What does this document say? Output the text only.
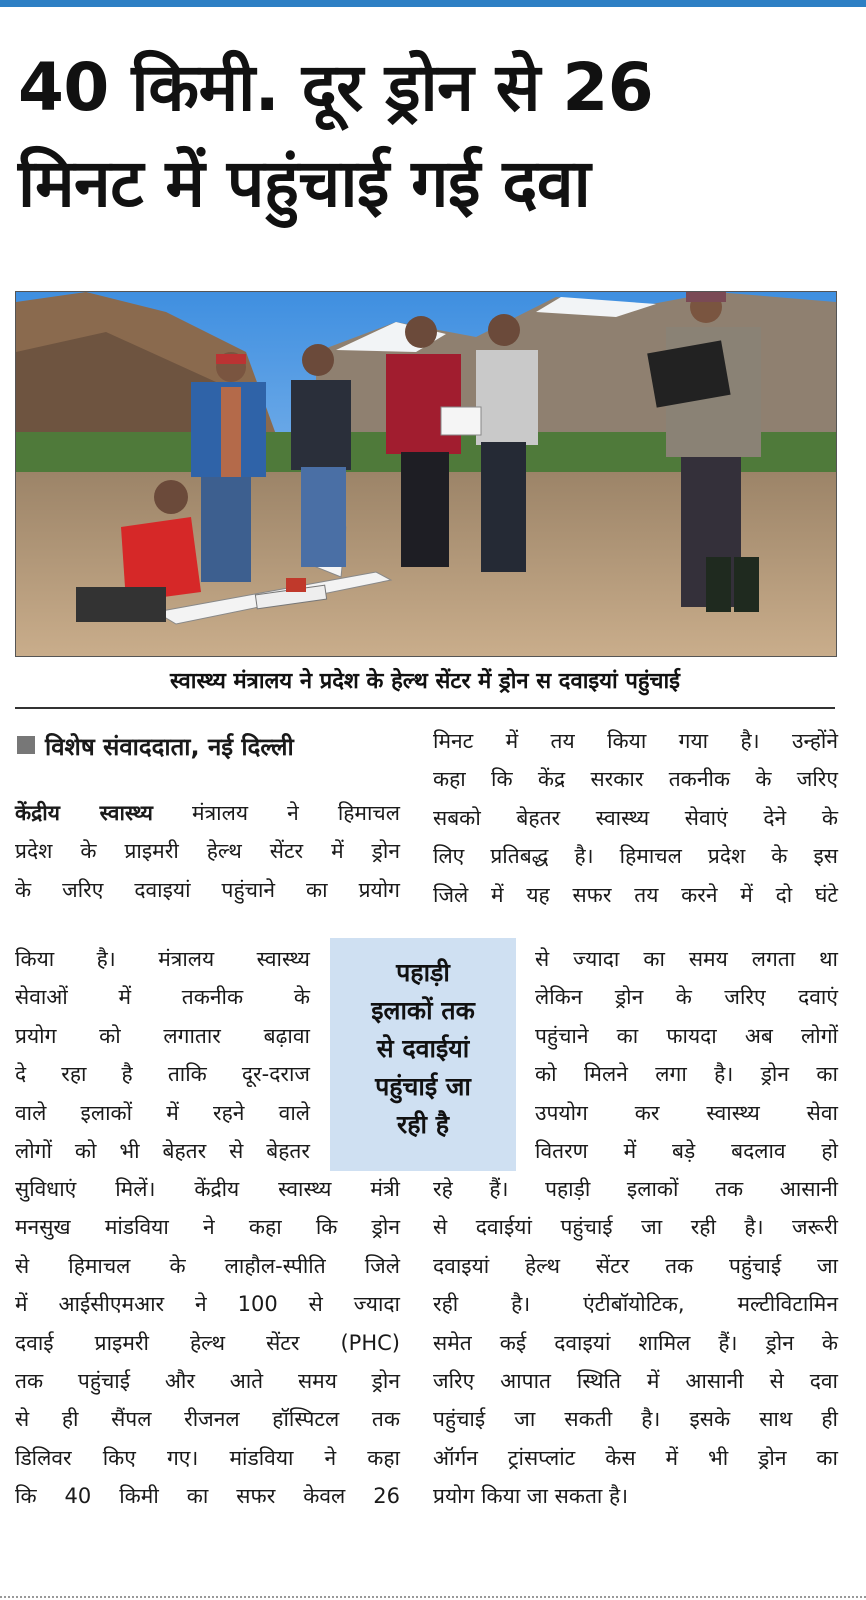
40 किमी. दूर ड्रोन से 26
मिनट में पहुंचाई गई दवा
स्वास्थ्य मंत्रालय ने प्रदेश के हेल्थ सेंटर में ड्रोन स दवाइयां पहुंचाई
विशेष संवाददाता, नई दिल्ली
केंद्रीय स्वास्थ्य मंत्रालय ने हिमाचल
प्रदेश के प्राइमरी हेल्थ सेंटर में ड्रोन
के जरिए दवाइयां पहुंचाने का प्रयोग
किया है। मंत्रालय स्वास्थ्य
सेवाओं में तकनीक के
प्रयोग को लगातार बढ़ावा
दे रहा है ताकि दूर-दराज
वाले इलाकों में रहने वाले
लोगों को भी बेहतर से बेहतर
सुविधाएं मिलें। केंद्रीय स्वास्थ्य मंत्री
मनसुख मांडविया ने कहा कि ड्रोन
से हिमाचल के लाहौल-स्पीति जिले
में आईसीएमआर ने 100 से ज्यादा
दवाई प्राइमरी हेल्थ सेंटर (PHC)
तक पहुंचाई और आते समय ड्रोन
से ही सैंपल रीजनल हॉस्पिटल तक
डिलिवर किए गए। मांडविया ने कहा
कि 40 किमी का सफर केवल 26
पहाड़ी
इलाकों तक
से दवाईयां
पहुंचाई जा
रही है
मिनट में तय किया गया है। उन्होंने
कहा कि केंद्र सरकार तकनीक के जरिए
सबको बेहतर स्वास्थ्य सेवाएं देने के
लिए प्रतिबद्ध है। हिमाचल प्रदेश के इस
जिले में यह सफर तय करने में दो घंटे
से ज्यादा का समय लगता था
लेकिन ड्रोन के जरिए दवाएं
पहुंचाने का फायदा अब लोगों
को मिलने लगा है। ड्रोन का
उपयोग कर स्वास्थ्य सेवा
वितरण में बड़े बदलाव हो
रहे हैं। पहाड़ी इलाकों तक आसानी
से दवाईयां पहुंचाई जा रही है। जरूरी
दवाइयां हेल्थ सेंटर तक पहुंचाई जा
रही है। एंटीबॉयोटिक, मल्टीविटामिन
समेत कई दवाइयां शामिल हैं। ड्रोन के
जरिए आपात स्थिति में आसानी से दवा
पहुंचाई जा सकती है। इसके साथ ही
ऑर्गन ट्रांसप्लांट केस में भी ड्रोन का
प्रयोग किया जा सकता है।
